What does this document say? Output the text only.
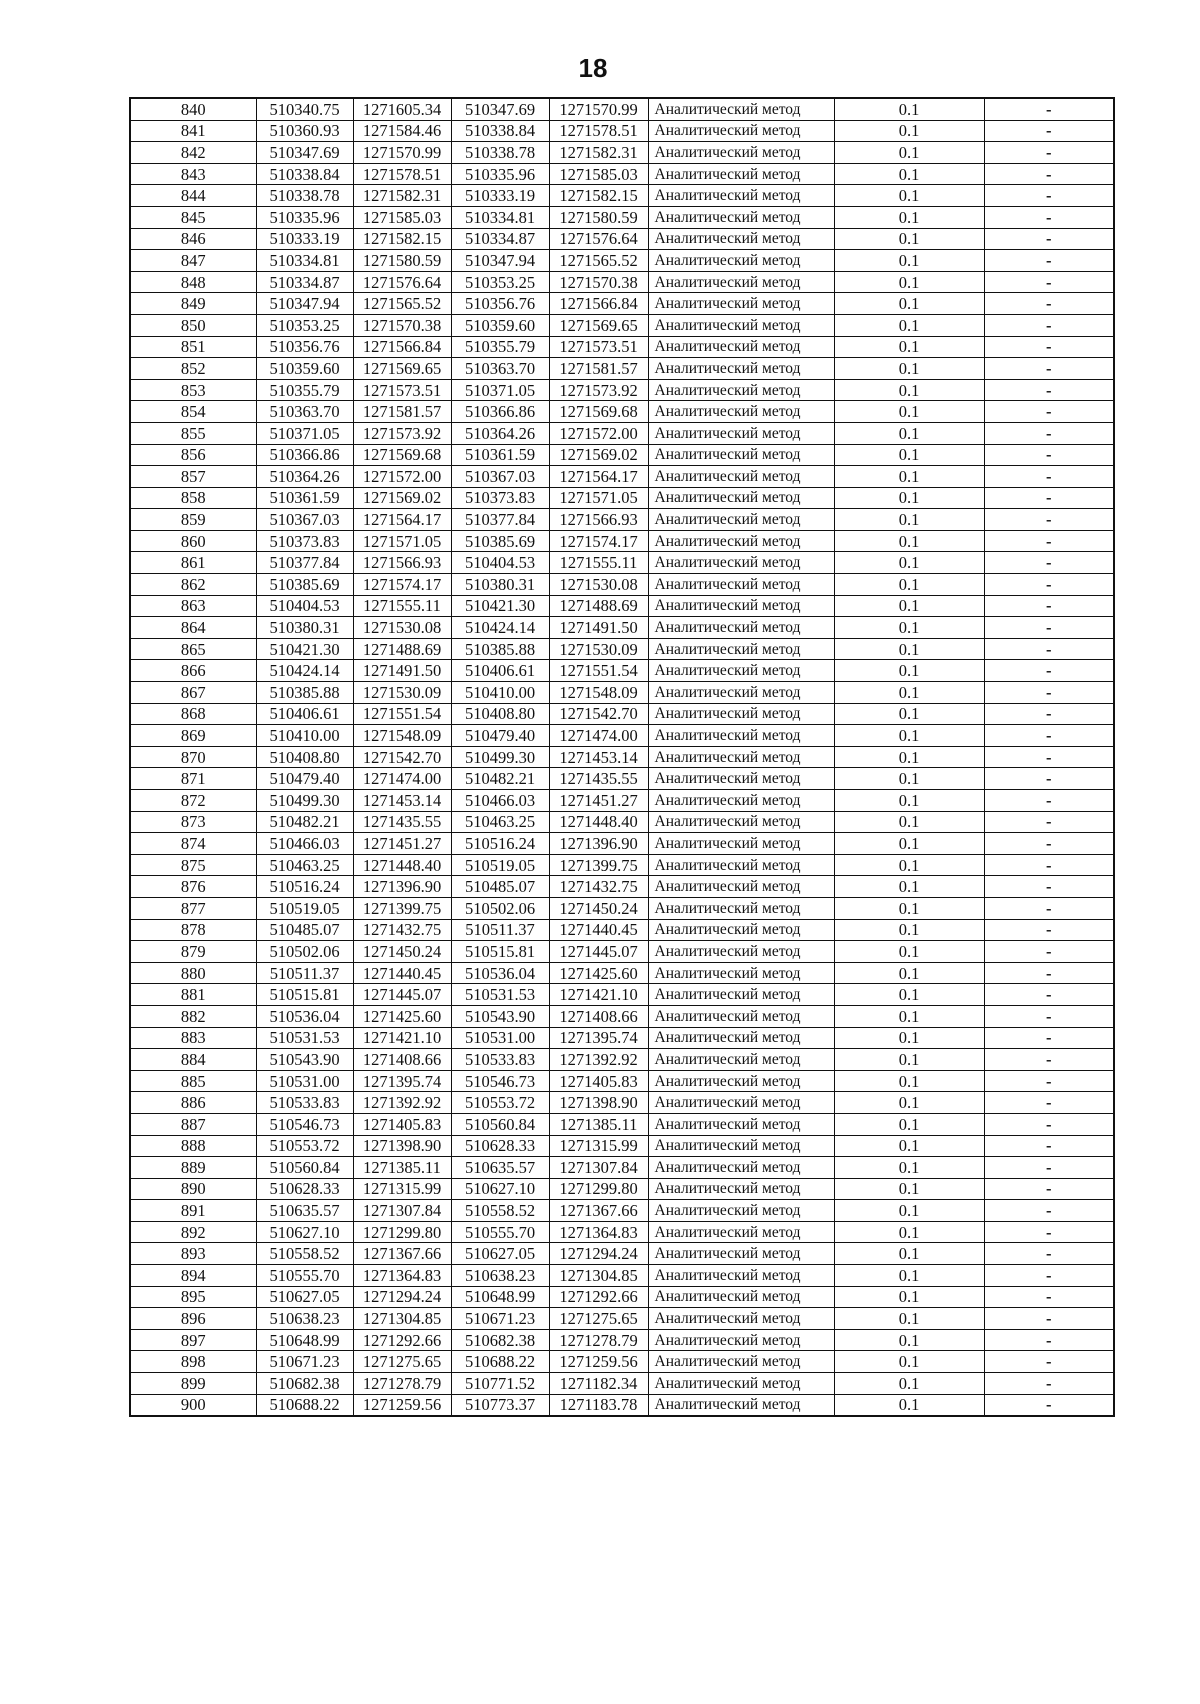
18
840	510340.75	1271605.34	510347.69	1271570.99	Аналитический метод	0.1	-
841	510360.93	1271584.46	510338.84	1271578.51	Аналитический метод	0.1	-
842	510347.69	1271570.99	510338.78	1271582.31	Аналитический метод	0.1	-
843	510338.84	1271578.51	510335.96	1271585.03	Аналитический метод	0.1	-
844	510338.78	1271582.31	510333.19	1271582.15	Аналитический метод	0.1	-
845	510335.96	1271585.03	510334.81	1271580.59	Аналитический метод	0.1	-
846	510333.19	1271582.15	510334.87	1271576.64	Аналитический метод	0.1	-
847	510334.81	1271580.59	510347.94	1271565.52	Аналитический метод	0.1	-
848	510334.87	1271576.64	510353.25	1271570.38	Аналитический метод	0.1	-
849	510347.94	1271565.52	510356.76	1271566.84	Аналитический метод	0.1	-
850	510353.25	1271570.38	510359.60	1271569.65	Аналитический метод	0.1	-
851	510356.76	1271566.84	510355.79	1271573.51	Аналитический метод	0.1	-
852	510359.60	1271569.65	510363.70	1271581.57	Аналитический метод	0.1	-
853	510355.79	1271573.51	510371.05	1271573.92	Аналитический метод	0.1	-
854	510363.70	1271581.57	510366.86	1271569.68	Аналитический метод	0.1	-
855	510371.05	1271573.92	510364.26	1271572.00	Аналитический метод	0.1	-
856	510366.86	1271569.68	510361.59	1271569.02	Аналитический метод	0.1	-
857	510364.26	1271572.00	510367.03	1271564.17	Аналитический метод	0.1	-
858	510361.59	1271569.02	510373.83	1271571.05	Аналитический метод	0.1	-
859	510367.03	1271564.17	510377.84	1271566.93	Аналитический метод	0.1	-
860	510373.83	1271571.05	510385.69	1271574.17	Аналитический метод	0.1	-
861	510377.84	1271566.93	510404.53	1271555.11	Аналитический метод	0.1	-
862	510385.69	1271574.17	510380.31	1271530.08	Аналитический метод	0.1	-
863	510404.53	1271555.11	510421.30	1271488.69	Аналитический метод	0.1	-
864	510380.31	1271530.08	510424.14	1271491.50	Аналитический метод	0.1	-
865	510421.30	1271488.69	510385.88	1271530.09	Аналитический метод	0.1	-
866	510424.14	1271491.50	510406.61	1271551.54	Аналитический метод	0.1	-
867	510385.88	1271530.09	510410.00	1271548.09	Аналитический метод	0.1	-
868	510406.61	1271551.54	510408.80	1271542.70	Аналитический метод	0.1	-
869	510410.00	1271548.09	510479.40	1271474.00	Аналитический метод	0.1	-
870	510408.80	1271542.70	510499.30	1271453.14	Аналитический метод	0.1	-
871	510479.40	1271474.00	510482.21	1271435.55	Аналитический метод	0.1	-
872	510499.30	1271453.14	510466.03	1271451.27	Аналитический метод	0.1	-
873	510482.21	1271435.55	510463.25	1271448.40	Аналитический метод	0.1	-
874	510466.03	1271451.27	510516.24	1271396.90	Аналитический метод	0.1	-
875	510463.25	1271448.40	510519.05	1271399.75	Аналитический метод	0.1	-
876	510516.24	1271396.90	510485.07	1271432.75	Аналитический метод	0.1	-
877	510519.05	1271399.75	510502.06	1271450.24	Аналитический метод	0.1	-
878	510485.07	1271432.75	510511.37	1271440.45	Аналитический метод	0.1	-
879	510502.06	1271450.24	510515.81	1271445.07	Аналитический метод	0.1	-
880	510511.37	1271440.45	510536.04	1271425.60	Аналитический метод	0.1	-
881	510515.81	1271445.07	510531.53	1271421.10	Аналитический метод	0.1	-
882	510536.04	1271425.60	510543.90	1271408.66	Аналитический метод	0.1	-
883	510531.53	1271421.10	510531.00	1271395.74	Аналитический метод	0.1	-
884	510543.90	1271408.66	510533.83	1271392.92	Аналитический метод	0.1	-
885	510531.00	1271395.74	510546.73	1271405.83	Аналитический метод	0.1	-
886	510533.83	1271392.92	510553.72	1271398.90	Аналитический метод	0.1	-
887	510546.73	1271405.83	510560.84	1271385.11	Аналитический метод	0.1	-
888	510553.72	1271398.90	510628.33	1271315.99	Аналитический метод	0.1	-
889	510560.84	1271385.11	510635.57	1271307.84	Аналитический метод	0.1	-
890	510628.33	1271315.99	510627.10	1271299.80	Аналитический метод	0.1	-
891	510635.57	1271307.84	510558.52	1271367.66	Аналитический метод	0.1	-
892	510627.10	1271299.80	510555.70	1271364.83	Аналитический метод	0.1	-
893	510558.52	1271367.66	510627.05	1271294.24	Аналитический метод	0.1	-
894	510555.70	1271364.83	510638.23	1271304.85	Аналитический метод	0.1	-
895	510627.05	1271294.24	510648.99	1271292.66	Аналитический метод	0.1	-
896	510638.23	1271304.85	510671.23	1271275.65	Аналитический метод	0.1	-
897	510648.99	1271292.66	510682.38	1271278.79	Аналитический метод	0.1	-
898	510671.23	1271275.65	510688.22	1271259.56	Аналитический метод	0.1	-
899	510682.38	1271278.79	510771.52	1271182.34	Аналитический метод	0.1	-
900	510688.22	1271259.56	510773.37	1271183.78	Аналитический метод	0.1	-
